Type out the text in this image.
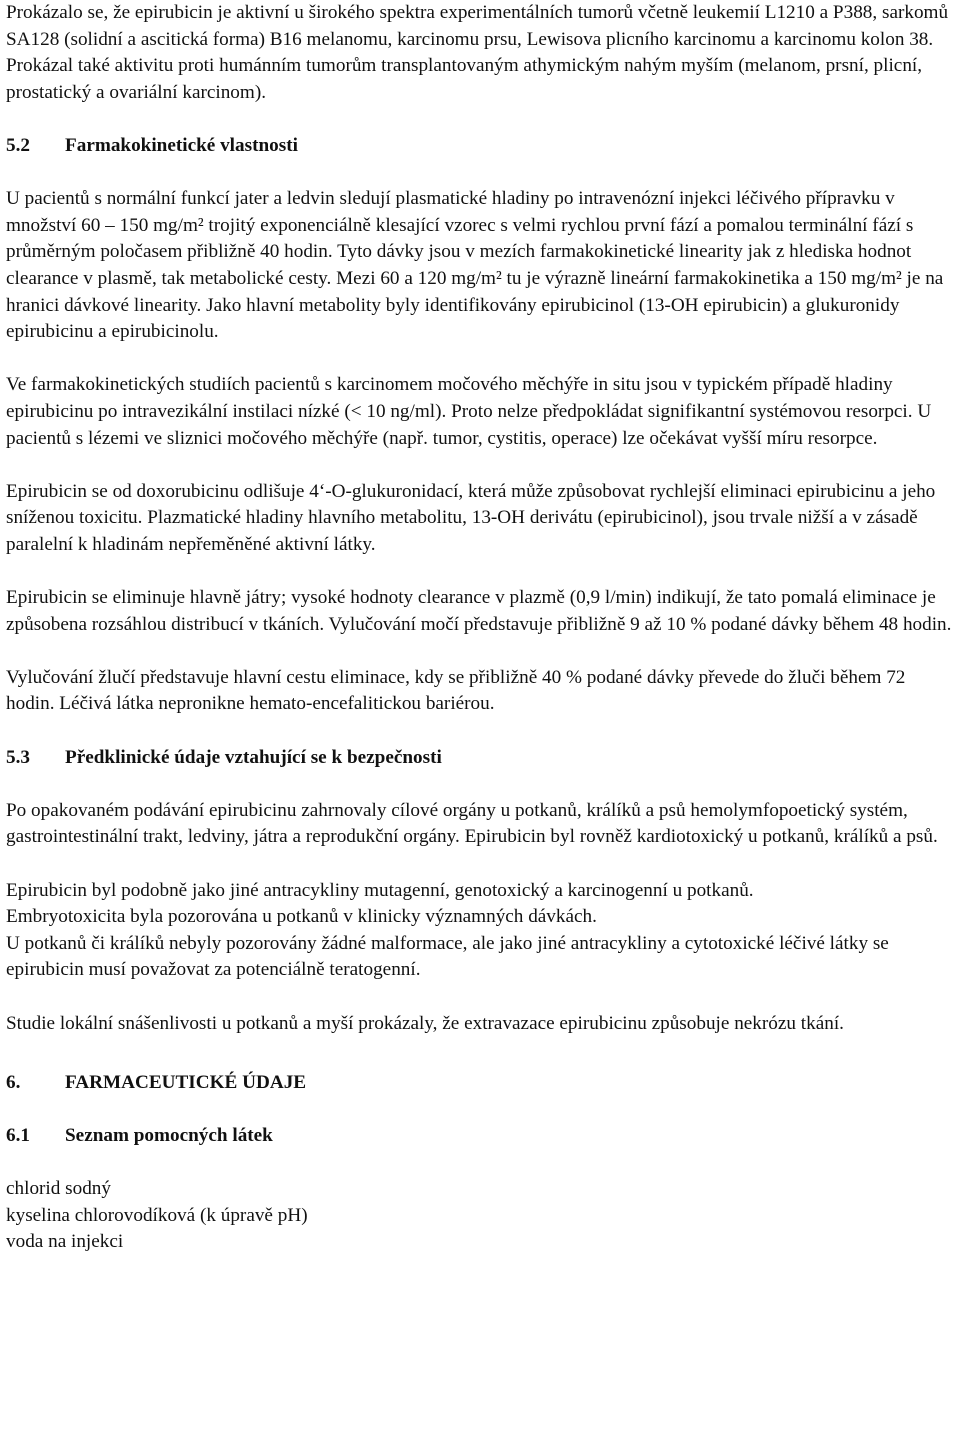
Prokázalo se, že epirubicin je aktivní u širokého spektra experimentálních tumorů včetně leukemií L1210 a P388, sarkomů SA128 (solidní a ascitická forma) B16 melanomu, karcinomu prsu, Lewisova plicního karcinomu a karcinomu kolon 38. Prokázal také aktivitu proti humánním tumorům transplantovaným athymickým nahým myším (melanom, prsní, plicní, prostatický a ovariální karcinom).

5.2	Farmakokinetické vlastnosti

U pacientů s normální funkcí jater a ledvin sledují plasmatické hladiny po intravenózní injekci léčivého přípravku v množství 60 – 150 mg/m² trojitý exponenciálně klesající vzorec s velmi rychlou první fází a pomalou terminální fází s průměrným poločasem přibližně 40 hodin. Tyto dávky jsou v mezích farmakokinetické linearity jak z hlediska hodnot clearance v plasmě, tak metabolické cesty. Mezi 60 a 120 mg/m² tu je výrazně lineární farmakokinetika a 150 mg/m² je na hranici dávkové linearity. Jako hlavní metabolity byly identifikovány epirubicinol (13-OH epirubicin) a glukuronidy epirubicinu a epirubicinolu.

Ve farmakokinetických studiích pacientů s karcinomem močového měchýře in situ jsou v typickém případě hladiny epirubicinu po intravezikální instilaci nízké (< 10 ng/ml). Proto nelze předpokládat signifikantní systémovou resorpci. U pacientů s lézemi ve sliznici močového měchýře (např. tumor, cystitis, operace) lze očekávat vyšší míru resorpce.

Epirubicin se od doxorubicinu odlišuje 4‘-O-glukuronidací, která může způsobovat rychlejší eliminaci epirubicinu a jeho sníženou toxicitu. Plazmatické hladiny hlavního metabolitu, 13-OH derivátu (epirubicinol), jsou trvale nižší a v zásadě paralelní k hladinám nepřeměněné aktivní látky.

Epirubicin se eliminuje hlavně játry; vysoké hodnoty clearance v plazmě (0,9 l/min) indikují, že tato pomalá eliminace je způsobena rozsáhlou distribucí v tkáních. Vylučování močí představuje přibližně 9 až 10 % podané dávky během 48 hodin.

Vylučování žlučí představuje hlavní cestu eliminace, kdy se přibližně 40 % podané dávky převede do žluči během 72 hodin. Léčivá látka nepronikne hemato-encefalitickou bariérou.

5.3	Předklinické údaje vztahující se k bezpečnosti

Po opakovaném podávání epirubicinu zahrnovaly cílové orgány u potkanů, králíků a psů hemolymfopoetický systém, gastrointestinální trakt, ledviny, játra a reprodukční orgány. Epirubicin byl rovněž kardiotoxický u potkanů, králíků a psů.

Epirubicin byl podobně jako jiné antracykliny mutagenní, genotoxický a karcinogenní u potkanů.

Embryotoxicita byla pozorována u potkanů v klinicky významných dávkách.

U potkanů či králíků nebyly pozorovány žádné malformace, ale jako jiné antracykliny a cytotoxické léčivé látky se epirubicin musí považovat za potenciálně teratogenní.

Studie lokální snášenlivosti u potkanů a myší prokázaly, že extravazace epirubicinu způsobuje nekrózu tkání.

6.	FARMACEUTICKÉ ÚDAJE
6.1	Seznam pomocných látek

chlorid sodný

kyselina chlorovodíková (k úpravě pH)

voda na injekci
